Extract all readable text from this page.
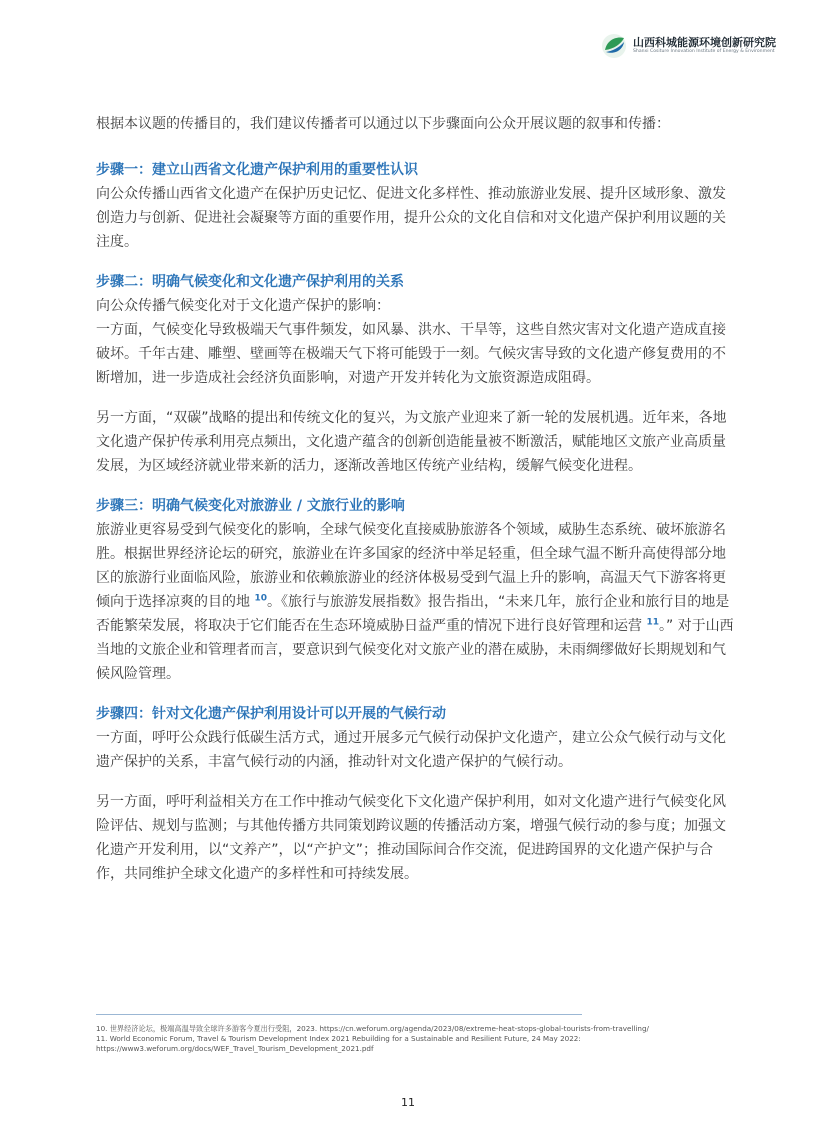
山西科城能源环境创新研究院
Shanxi Cositure Innovation Institute of Energy & Environment

根据本议题的传播目的，我们建议传播者可以通过以下步骤面向公众开展议题的叙事和传播：

步骤一：建立山西省文化遗产保护利用的重要性认识

向公众传播山西省文化遗产在保护历史记忆、促进文化多样性、推动旅游业发展、提升区域形象、激发创造力与创新、促进社会凝聚等方面的重要作用，提升公众的文化自信和对文化遗产保护利用议题的关注度。

步骤二：明确气候变化和文化遗产保护利用的关系

向公众传播气候变化对于文化遗产保护的影响：

一方面，气候变化导致极端天气事件频发，如风暴、洪水、干旱等，这些自然灾害对文化遗产造成直接破坏。千年古建、雕塑、壁画等在极端天气下将可能毁于一刻。气候灾害导致的文化遗产修复费用的不断增加，进一步造成社会经济负面影响，对遗产开发并转化为文旅资源造成阻碍。

另一方面，“双碳”战略的提出和传统文化的复兴，为文旅产业迎来了新一轮的发展机遇。近年来，各地文化遗产保护传承利用亮点频出，文化遗产蕴含的创新创造能量被不断激活，赋能地区文旅产业高质量发展，为区域经济就业带来新的活力，逐渐改善地区传统产业结构，缓解气候变化进程。

步骤三：明确气候变化对旅游业 / 文旅行业的影响

旅游业更容易受到气候变化的影响，全球气候变化直接威胁旅游各个领域，威胁生态系统、破坏旅游名胜。根据世界经济论坛的研究，旅游业在许多国家的经济中举足轻重，但全球气温不断升高使得部分地区的旅游行业面临风险，旅游业和依赖旅游业的经济体极易受到气温上升的影响，高温天气下游客将更倾向于选择凉爽的目的地 $^{10}$。《旅行与旅游发展指数》报告指出，“未来几年，旅行企业和旅行目的地是否能繁荣发展，将取决于它们能否在生态环境威胁日益严重的情况下进行良好管理和运营 $^{11}$。” 对于山西当地的文旅企业和管理者而言，要意识到气候变化对文旅产业的潜在威胁，未雨绸缪做好长期规划和气候风险管理。

步骤四：针对文化遗产保护利用设计可以开展的气候行动

一方面，呼吁公众践行低碳生活方式，通过开展多元气候行动保护文化遗产，建立公众气候行动与文化遗产保护的关系，丰富气候行动的内涵，推动针对文化遗产保护的气候行动。

另一方面，呼吁利益相关方在工作中推动气候变化下文化遗产保护利用，如对文化遗产进行气候变化风险评估、规划与监测；与其他传播方共同策划跨议题的传播活动方案，增强气候行动的参与度；加强文化遗产开发利用，以“文养产”，以“产护文”；推动国际间合作交流，促进跨国界的文化遗产保护与合作，共同维护全球文化遗产的多样性和可持续发展。

10. 世界经济论坛，极端高温导致全球许多游客今夏出行受阻，2023. https://cn.weforum.org/agenda/2023/08/extreme-heat-stops-global-tourists-from-travelling/

11. World Economic Forum, Travel & Tourism Development Index 2021 Rebuilding for a Sustainable and Resilient Future, 24 May 2022:

https://www3.weforum.org/docs/WEF_Travel_Tourism_Development_2021.pdf

11
